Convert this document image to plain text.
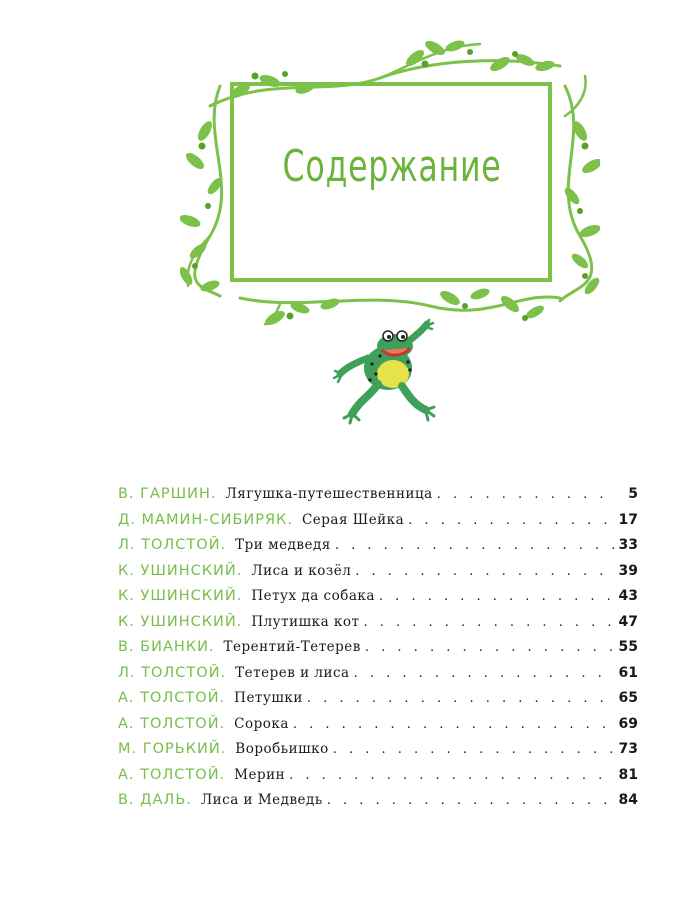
Содержание
В. ГАРШИН. Лягушка-путешественница . . .	5
Д. МАМИН-СИБИРЯК. Серая Шейка . . .	17
Л. ТОЛСТОЙ. Три медведя . . .	33
К. УШИНСКИЙ. Лиса и козёл . . .	39
К. УШИНСКИЙ. Петух да собака . . .	43
К. УШИНСКИЙ. Плутишка кот . . .	47
В. БИАНКИ. Терентий-Тетерев . . .	55
Л. ТОЛСТОЙ. Тетерев и лиса . . .	61
А. ТОЛСТОЙ. Петушки . . .	65
А. ТОЛСТОЙ. Сорока . . .	69
М. ГОРЬКИЙ. Воробьишко . . .	73
А. ТОЛСТОЙ. Мерин . . .	81
В. ДАЛЬ. Лиса и Медведь . . .	84
